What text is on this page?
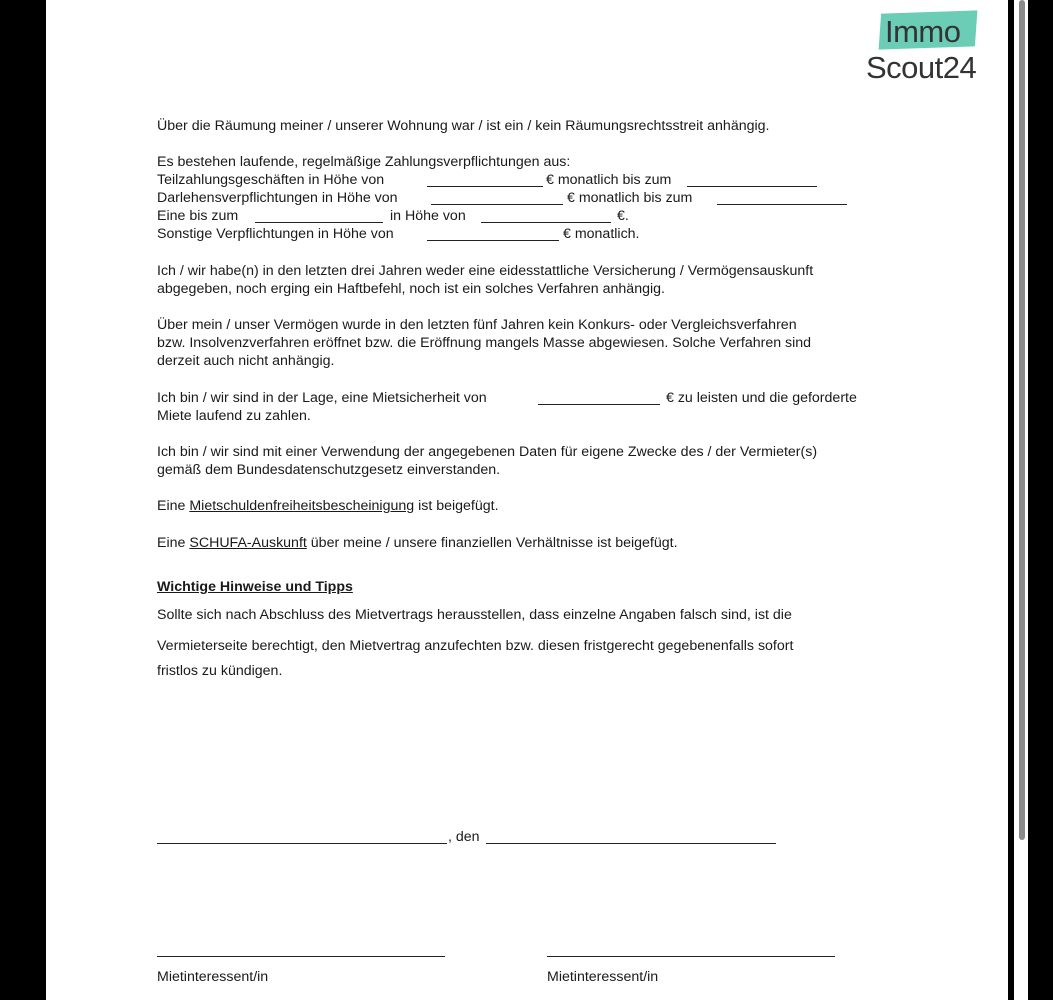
Immo
Scout24
Über die Räumung meiner / unserer Wohnung war / ist ein / kein Räumungsrechtsstreit anhängig.
Es bestehen laufende, regelmäßige Zahlungsverpflichtungen aus:
Teilzahlungsgeschäften in Höhe von	€ monatlich bis zum
Darlehensverpflichtungen in Höhe von	€ monatlich bis zum
Eine bis zum	in Höhe von	€.
Sonstige Verpflichtungen in Höhe von	€ monatlich.
Ich / wir habe(n) in den letzten drei Jahren weder eine eidesstattliche Versicherung / Vermögensauskunft
abgegeben, noch erging ein Haftbefehl, noch ist ein solches Verfahren anhängig.
Über mein / unser Vermögen wurde in den letzten fünf Jahren kein Konkurs- oder Vergleichsverfahren
bzw. Insolvenzverfahren eröffnet bzw. die Eröffnung mangels Masse abgewiesen. Solche Verfahren sind
derzeit auch nicht anhängig.
Ich bin / wir sind in der Lage, eine Mietsicherheit von	€ zu leisten und die geforderte
Miete laufend zu zahlen.
Ich bin / wir sind mit einer Verwendung der angegebenen Daten für eigene Zwecke des / der Vermieter(s)
gemäß dem Bundesdatenschutzgesetz einverstanden.
Eine Mietschuldenfreiheitsbescheinigung ist beigefügt.
Eine SCHUFA-Auskunft über meine / unsere finanziellen Verhältnisse ist beigefügt.
Wichtige Hinweise und Tipps
Sollte sich nach Abschluss des Mietvertrags herausstellen, dass einzelne Angaben falsch sind, ist die
Vermieterseite berechtigt, den Mietvertrag anzufechten bzw. diesen fristgerecht gegebenenfalls sofort
fristlos zu kündigen.
, den
Mietinteressent/in	Mietinteressent/in
